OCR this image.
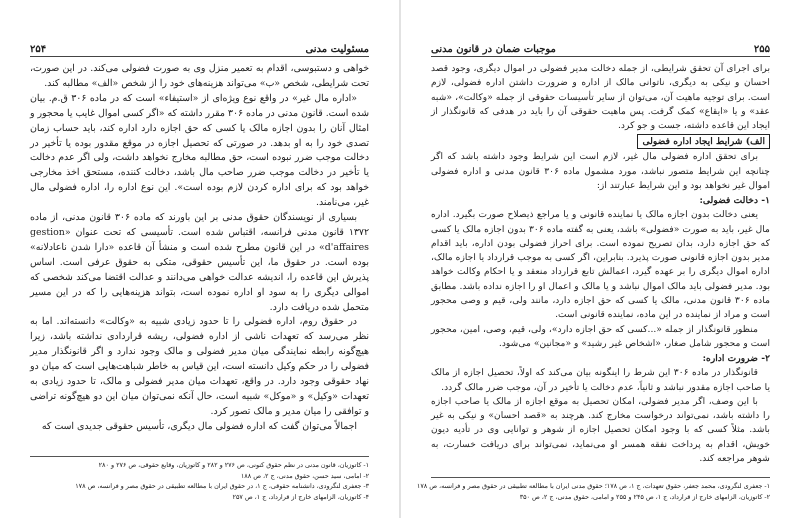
۲۵۴	مسئولیت مدنی

خواهی و دستبوسی، اقدام به تعمیر منزل وی به صورت فضولی می‌کند. در این صورت، تحت شرایطی، شخص «ب» می‌تواند هزینه‌های خود را از شخص «الف» مطالبه کند.

«اداره مال غیر» در واقع نوع ویژه‌ای از «استیفاء» است که در ماده ۳۰۶ ق.م. بیان شده است. قانون مدنی در ماده ۳۰۶ مقرر داشته که «اگر کسی اموال غایب یا محجور و امثال آنان را بدون اجازه مالک یا کسی که حق اجازه دارد اداره کند، باید حساب زمان تصدی خود را به او بدهد. در صورتی که تحصیل اجازه در موقع مقدور بوده یا تأخیر در دخالت موجب ضرر نبوده است، حق مطالبه مخارج نخواهد داشت، ولی اگر عدم دخالت یا تأخیر در دخالت موجب ضرر صاحب مال باشد، دخالت کننده، مستحق اخذ مخارجی خواهد بود که برای اداره کردن لازم بوده است». این نوع اداره را، اداره فضولی مال غیر، می‌نامند.

بسیاری از نویسندگان حقوق مدنی بر این باورند که ماده ۳۰۶ قانون مدنی، از ماده ۱۳۷۲ قانون مدنی فرانسه، اقتباس شده است. تأسیسی که تحت عنوان «gestion d'affaires» در این قانون مطرح شده است و منشأ آن قاعده «دارا شدن ناعادلانه» بوده است. در حقوق ما، این تأسیس حقوقی، متکی به حقوق عرفی است. اساس پذیرش این قاعده را، اندیشه عدالت خواهی می‌دانند و عدالت اقتضا می‌کند شخصی که اموالی دیگری را به سود او اداره نموده است، بتواند هزینه‌هایی را که در این مسیر متحمل شده دریافت دارد.

در حقوق روم، اداره فضولی را تا حدود زیادی شبیه به «وکالت» دانسته‌اند. اما به نظر می‌رسد که تعهدات ناشی از اداره فضولی، ریشه قراردادی نداشته باشد، زیرا هیچ‌گونه رابطه نمایندگی میان مدیر فضولی و مالک وجود ندارد و اگر قانونگذار مدیر فضولی را در حکم وکیل دانسته است، این قیاس به خاطر شباهت‌هایی است که میان دو نهاد حقوقی وجود دارد. در واقع، تعهدات میان مدیر فضولی و مالک، تا حدود زیادی به تعهدات «وکیل» و «موکل» شبیه است، حال آنکه نمی‌توان میان این دو هیچ‌گونه تراضی و توافقی را میان مدیر و مالک تصور کرد.

اجمالاً می‌توان گفت که اداره فضولی مال دیگری، تأسیس حقوقی جدیدی است که

۱- کاتوزیان، قانون مدنی در نظم حقوق کنونی، ص ۲۷۶ و ۲۸۲ و کاتوزیان، وقایع حقوقی، ص ۲۷۶ و ۲۸۰
۲- امامی، سید حسن، حقوق مدنی، ج ۲، ص ۱۸۸
۳- جعفری لنگرودی، دانشنامه حقوقی، ج ۱، در حقوق ایران با مطالعه تطبیقی در حقوق مصر و فرانسه، ص ۱۷۸
۴- کاتوزیان، الزامهای خارج از قرارداد، ج ۱، ص ۲۵۷
موجبات ضمان در قانون مدنی	۲۵۵

برای اجرای آن تحقق شرایطی، از جمله دخالت مدیر فضولی در اموال دیگری، وجود قصد احسان و نیکی به دیگری، ناتوانی مالک از اداره و ضرورت داشتن اداره فضولی، لازم است. برای توجیه ماهیت آن، می‌توان از سایر تأسیسات حقوقی از جمله «وکالت»، «شبه عقد» و یا «ایقاع» کمک گرفت. پس ماهیت حقوقی آن را باید در هدفی که قانونگذار از ایجاد این قاعده داشته، جست و جو کرد.

الف) شرایط ایجاد اداره فضولی

برای تحقق اداره فضولی مال غیر، لازم است این شرایط وجود داشته باشد که اگر چنانچه این شرایط متصور نباشد، مورد مشمول ماده ۳۰۶ قانون مدنی و اداره فضولی اموال غیر نخواهد بود و این شرایط عبارتند از:

۱- دخالت فضولی:

یعنی دخالت بدون اجازه مالک یا نماینده قانونی و یا مراجع ذیصلاح صورت بگیرد. اداره مال غیر، باید به صورت «فضولی» باشد، یعنی به گفته ماده ۳۰۶ بدون اجازه مالک یا کسی که حق اجازه دارد، بدان تصریح نموده است. برای احراز فضولی بودن اداره، باید اقدام مدیر بدون اجازه قانونی صورت پذیرد. بنابراین، اگر کسی به موجب قرارداد یا اجازه مالک، اداره اموال دیگری را بر عهده گیرد، اعمالش تابع قرارداد منعقد و یا احکام وکالت خواهد بود. مدیر فضولی باید مالک اموال نباشد و یا مالک و اعمال او را اجازه نداده باشد. مطابق ماده ۳۰۶ قانون مدنی، مالک یا کسی که حق اجازه دارد، مانند ولی، قیم و وصی محجور است و مراد از نماینده در این ماده، نماینده قانونی است.

منظور قانونگذار از جمله «...کسی که حق اجازه دارد»، ولی، قیم، وصی، امین، محجور است و محجور شامل صغار، «اشخاص غیر رشید» و «مجانین» می‌شود.

۲- ضرورت اداره:

قانونگذار در ماده ۳۰۶ این شرط را اینگونه بیان می‌کند که اولاً، تحصیل اجازه از مالک یا صاحب اجازه مقدور نباشد و ثانیاً، عدم دخالت یا تأخیر در آن، موجب ضرر مالک گردد.

با این وصف، اگر مدیر فضولی، امکان تحصیل به موقع اجازه از مالک یا صاحب اجازه را داشته باشد، نمی‌تواند درخواست مخارج کند. هرچند به «قصد احسان» و نیکی به غیر باشد. مثلاً کسی که با وجود امکان تحصیل اجازه از شوهر و توانایی وی در تأدیه دیون خویش، اقدام به پرداخت نفقه همسر او می‌نماید، نمی‌تواند برای دریافت خسارت، به شوهر مراجعه کند.

۱- جعفری لنگرودی، محمد جعفر، حقوق تعهدات، ج ۱، ص ۱۷۸؛ حقوق مدنی ایران با مطالعه تطبیقی در حقوق مصر و فرانسه، ص ۱۷۸
۲- کاتوزیان، الزامهای خارج از قرارداد، ج ۱، ص ۲۴۵ و ۲۵۵ و امامی، حقوق مدنی، ج ۲، ص ۳۵۰
